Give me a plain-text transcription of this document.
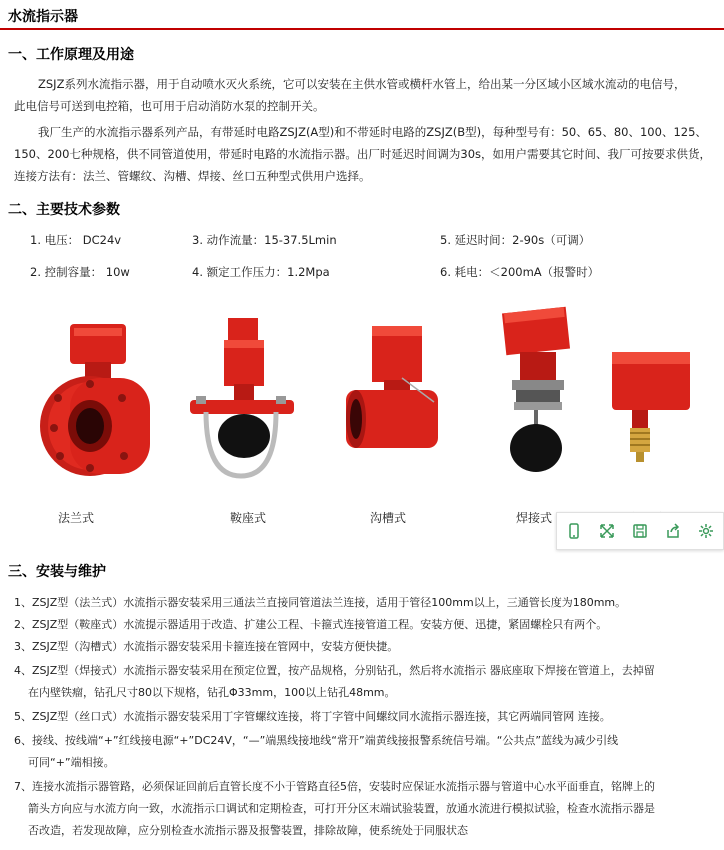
水流指示器
一、工作原理及用途
ZSJZ系列水流指示器，用于自动喷水灭火系统，它可以安装在主供水管或横杆水管上，给出某一分区域小区域水流动的电信号，
此电信号可送到电控箱，也可用于启动消防水泵的控制开关。
我厂生产的水流指示器系列产品，有带延时电路ZSJZ(A型)和不带延时电路的ZSJZ(B型)，每种型号有：50、65、80、100、125、
150、200七种规格，供不同管道使用，带延时电路的水流指示器。出厂时延迟时间调为30s，如用户需要其它时间、我厂可按要求供货，
连接方法有：法兰、管螺纹、沟槽、焊接、丝口五种型式供用户选择。
二、主要技术参数
1. 电压： DC24v
2. 控制容量： 10w
3. 动作流量：15-37.5Lmin
4. 额定工作压力：1.2Mpa
5. 延迟时间：2-90s（可调）
6. 耗电：＜200mA（报警时）
法兰式	鞍座式	沟槽式	焊接式
三、安装与维护
1、ZSJZ型（法兰式）水流指示器安装采用三通法兰直接同管道法兰连接，适用于管径100mm以上，三通管长度为180mm。
2、ZSJZ型（鞍座式）水流提示器适用于改造、扩建公工程、卡箍式连接管道工程。安装方便、迅捷，紧固螺栓只有两个。
3、ZSJZ型（沟槽式）水流指示器安装采用卡箍连接在管网中，安装方便快捷。
4、ZSJZ型（焊接式）水流指示器安装采用在预定位置，按产品规格，分别钻孔，然后将水流指示 器底座取下焊接在管道上，去掉留
在内壁铁瘤，钻孔尺寸80以下规格，钻孔Φ33mm，100以上钻孔48mm。
5、ZSJZ型（丝口式）水流指示器安装采用丁字管螺纹连接，将丁字管中间螺纹同水流指示器连接，其它两端同管网 连接。
6、接线、按线端“+”红线接电源“+”DC24V，“—”端黑线接地线“常开”端黄线接报警系统信号端。“公共点”蓝线为减少引线
可同“+”端相接。
7、连接水流指示器管路，必须保证回前后直管长度不小于管路直径5倍，安装时应保证水流指示器与管道中心水平面垂直，铭牌上的
箭头方向应与水流方向一致，水流指示口调试和定期检查，可打开分区末端试验装置，放通水流进行模拟试验，检查水流指示器是
否改造，若发现故障，应分别检查水流指示器及报警装置，排除故障，使系统处于同服状态
